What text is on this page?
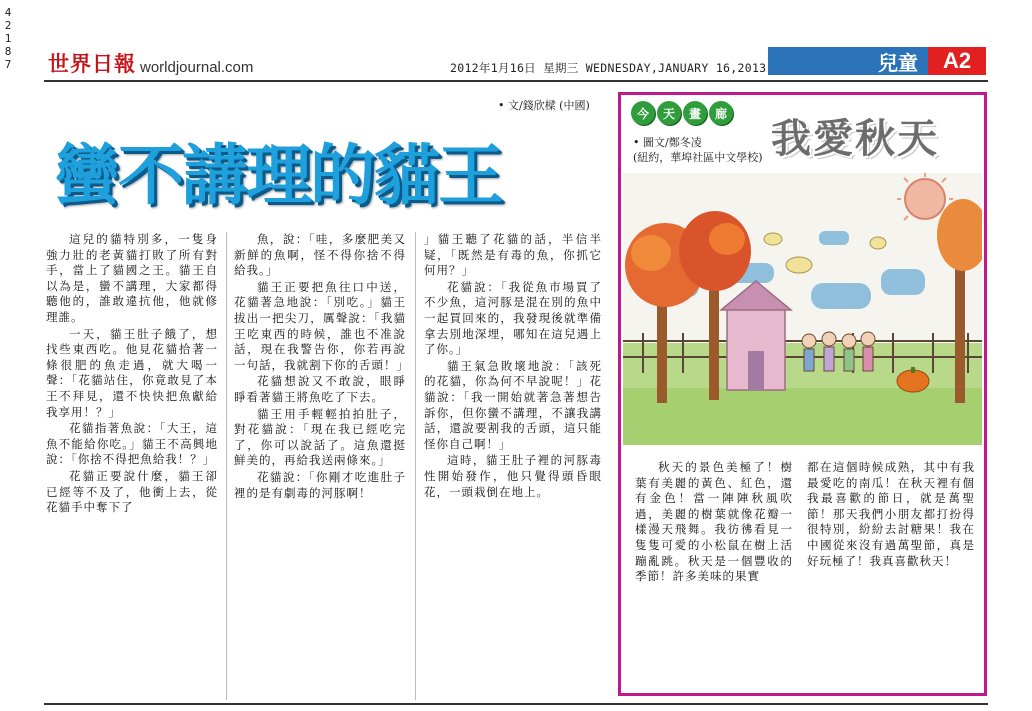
4
2
1
8
7 世界日報 worldjournal.com	2012年1月16日 星期三 WEDNESDAY,JANUARY 16,2013	兒童	A2
• 文/錢欣樑 (中國)
蠻不講理的貓王

這兒的貓特別多，一隻身強力壯的老黃貓打敗了所有對手，當上了貓國之王。貓王自以為是，蠻不講理，大家都得聽他的，誰敢違抗他，他就修理誰。

一天，貓王肚子餓了，想找些東西吃。他見花貓拾著一條很肥的魚走過，就大喝一聲：「花貓站住，你竟敢見了本王不拜見，還不快快把魚獻給我享用！？」

花貓指著魚說：「大王，這魚不能給你吃。」貓王不高興地說：「你捨不得把魚給我！？」

花貓正要說什麼，貓王卻已經等不及了，他衝上去，從花貓手中奪下了

魚，說：「哇，多麼肥美又新鮮的魚啊，怪不得你捨不得給我。」

貓王正要把魚往口中送，花貓著急地說：「別吃。」貓王拔出一把尖刀，厲聲說：「我貓王吃東西的時候，誰也不准說話，現在我警告你，你若再說一句話，我就割下你的舌頭！」

花貓想說又不敢說，眼睜睜看著貓王將魚吃了下去。

貓王用手輕輕拍拍肚子，對花貓說：「現在我已經吃完了，你可以說話了。這魚還挺鮮美的，再給我送兩條來。」

花貓說：「你剛才吃進肚子裡的是有劇毒的河豚啊！

」貓王聽了花貓的話，半信半疑，「既然是有毒的魚，你抓它何用？」

花貓說：「我從魚市場買了不少魚，這河豚是混在別的魚中一起買回來的，我發現後就準備拿去別地深埋，哪知在這兒遇上了你。」

貓王氣急敗壞地說：「該死的花貓，你為何不早說呢！」花貓說：「我一開始就著急著想告訴你，但你蠻不講理，不讓我講話，還說要割我的舌頭，這只能怪你自己啊！」

這時，貓王肚子裡的河豚毒性開始發作，他只覺得頭昏眼花，一頭栽倒在地上。

今	天	畫	廊
• 圖文/鄭冬凌
(紐約，華埠社區中文學校) 我愛秋天

秋天的景色美極了！樹葉有美麗的黃色、紅色，還有金色！當一陣陣秋風吹過，美麗的樹葉就像花瓣一樣漫天飛舞。我彷彿看見一隻隻可愛的小松鼠在樹上活蹦亂跳。秋天是一個豐收的季節！許多美味的果實

都在這個時候成熟，其中有我最愛吃的南瓜！在秋天裡有個我最喜歡的節日，就是萬聖節！那天我們小朋友都打扮得很特別，紛紛去討糖果！我在中國從來沒有過萬聖節，真是好玩極了！我真喜歡秋天！
